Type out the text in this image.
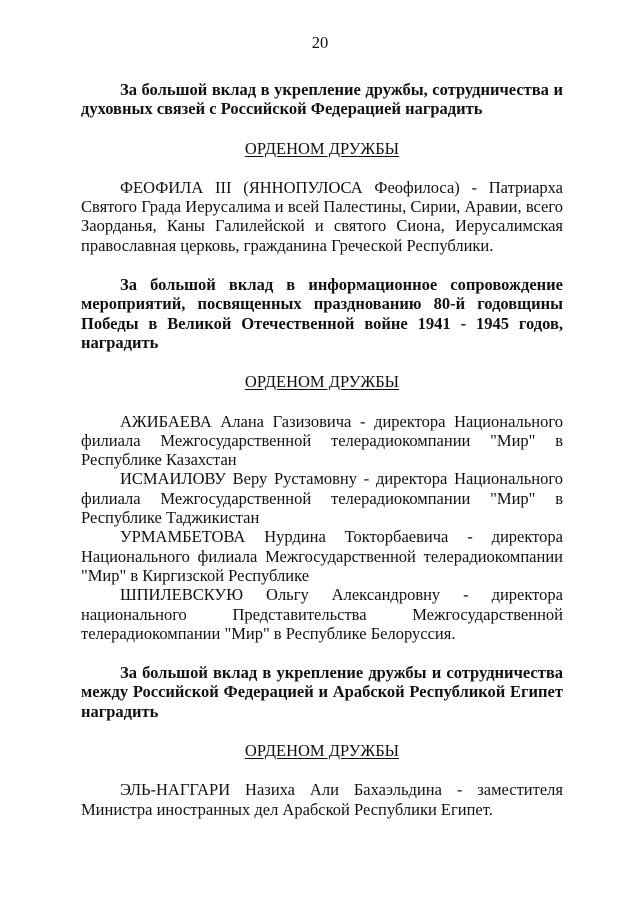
20

За большой вклад в укрепление дружбы, сотрудничества и духовных связей с Российской Федерацией наградить

ОРДЕНОМ ДРУЖБЫ

ФЕОФИЛА III (ЯННОПУЛОСА Феофилоса) - Патриарха Святого Града Иерусалима и всей Палестины, Сирии, Аравии, всего Заорданья, Каны Галилейской и святого Сиона, Иерусалимская православная церковь, гражданина Греческой Республики.

За большой вклад в информационное сопровождение мероприятий, посвященных празднованию 80-й годовщины Победы в Великой Отечественной войне 1941 - 1945 годов, наградить

ОРДЕНОМ ДРУЖБЫ

АЖИБАЕВА Алана Газизовича - директора Национального филиала Межгосударственной телерадиокомпании "Мир" в Республике Казахстан

ИСМАИЛОВУ Веру Рустамовну - директора Национального филиала Межгосударственной телерадиокомпании "Мир" в Республике Таджикистан

УРМАМБЕТОВА Нурдина Токторбаевича - директора Национального филиала Межгосударственной телерадиокомпании "Мир" в Киргизской Республике

ШПИЛЕВСКУЮ Ольгу Александровну - директора национального Представительства Межгосударственной телерадиокомпании "Мир" в Республике Белоруссия.

За большой вклад в укрепление дружбы и сотрудничества между Российской Федерацией и Арабской Республикой Египет наградить

ОРДЕНОМ ДРУЖБЫ

ЭЛЬ-НАГГАРИ Назиха Али Бахаэльдина - заместителя Министра иностранных дел Арабской Республики Египет.
